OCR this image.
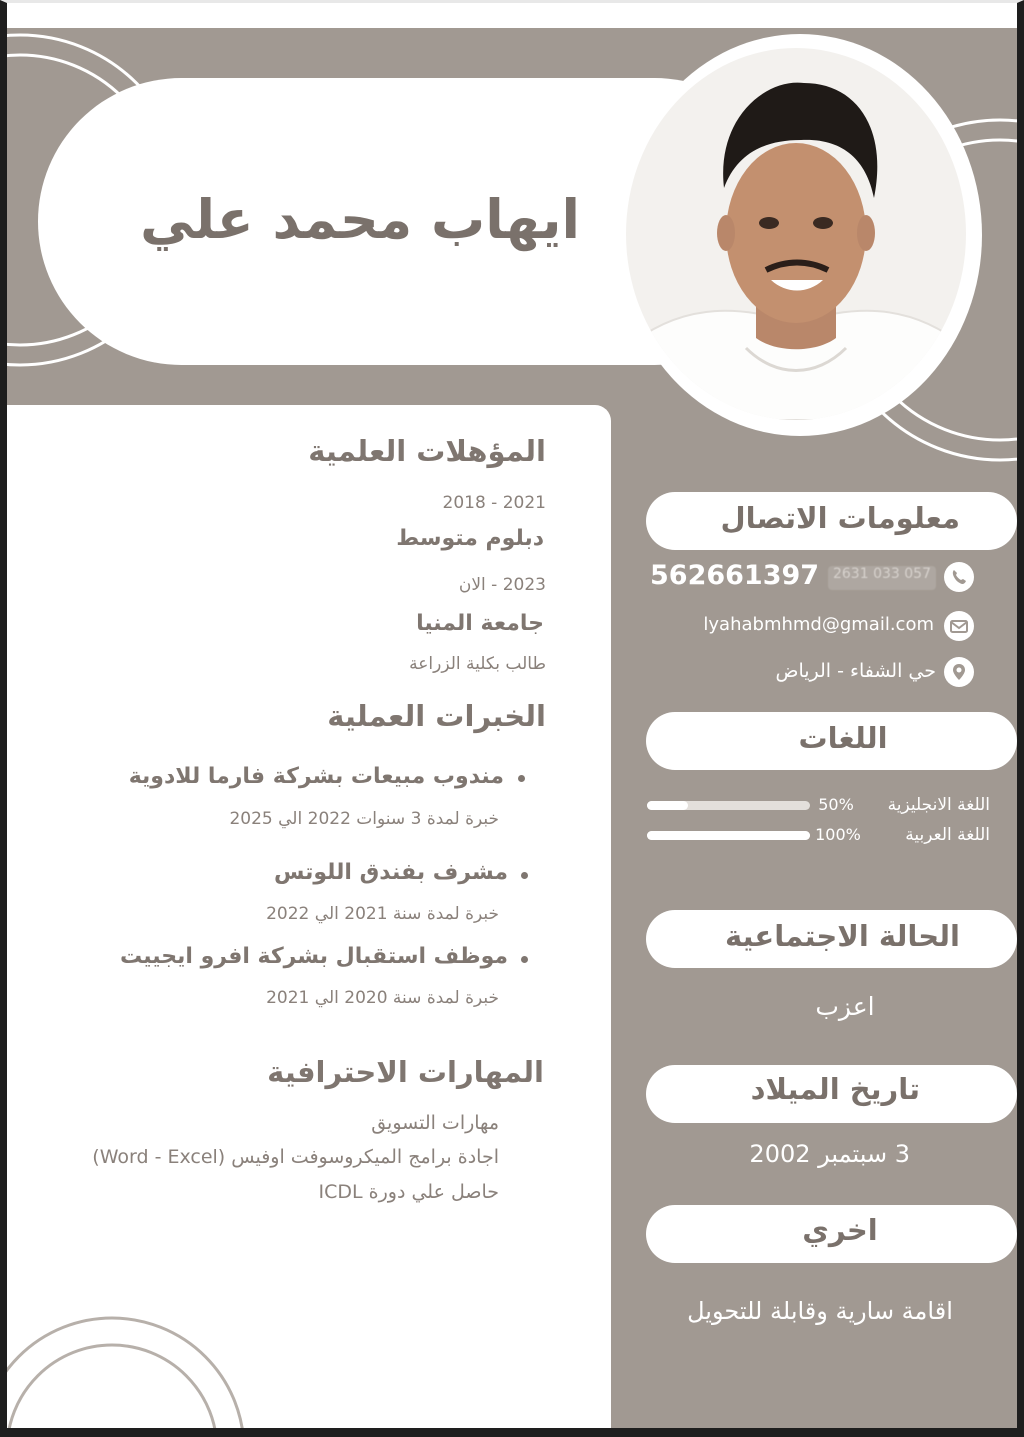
ايهاب محمد علي
المؤهلات العلمية
2021 - 2018
دبلوم متوسط
2023 - الان
جامعة المنيا
طالب بكلية الزراعة
الخبرات العملية
مندوب مبيعات بشركة فارما للادوية
خبرة لمدة 3 سنوات 2022 الي 2025
مشرف بفندق اللوتس
خبرة لمدة سنة 2021 الي 2022
موظف استقبال بشركة افرو ايجييت
خبرة لمدة سنة 2020 الي 2021
المهارات الاحترافية
مهارات التسويق
اجادة برامج الميكروسوفت اوفيس (Word - Excel)
حاصل علي دورة ICDL
معلومات الاتصال
057 033 2631
562661397
lyahabmhmd@gmail.com
حي الشفاء - الرياض
اللغات
50%	اللغة الانجليزية
100%	اللغة العربية
الحالة الاجتماعية
اعزب
تاريخ الميلاد
3 سبتمبر 2002
اخري
اقامة سارية وقابلة للتحويل
